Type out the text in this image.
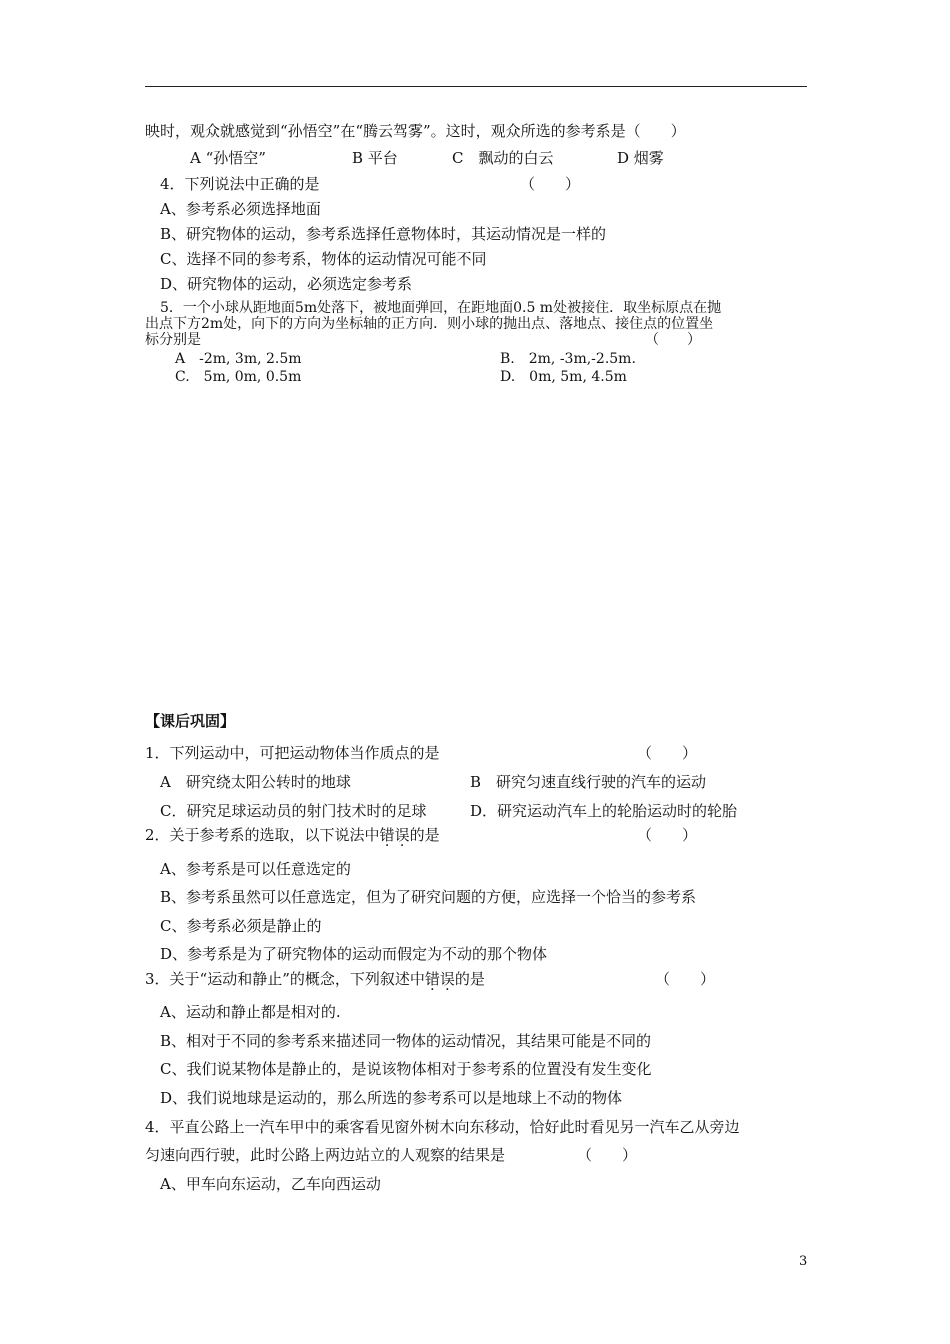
映时，观众就感觉到“孙悟空”在“腾云驾雾”。这时，观众所选的参考系是（　　）
A “孙悟空”	B 平台	C　飘动的白云	D 烟雾
4．下列说法中正确的是	（　　）
A、参考系必须选择地面
B、研究物体的运动，参考系选择任意物体时，其运动情况是一样的
C、选择不同的参考系，物体的运动情况可能不同
D、研究物体的运动，必须选定参考系
5．一个小球从距地面5m处落下，被地面弹回，在距地面0.5 m处被接住．取坐标原点在抛
出点下方2m处，向下的方向为坐标轴的正方向．则小球的抛出点、落地点、接住点的位置坐
标分别是	（　　）
A　-2m, 3m, 2.5m	B.　2m, -3m,-2.5m.
C.　5m, 0m, 0.5m	D.　0m, 5m, 4.5m
【课后巩固】
1．下列运动中，可把运动物体当作质点的是	（　　）
A　研究绕太阳公转时的地球	B　研究匀速直线行驶的汽车的运动
C．研究足球运动员的射门技术时的足球	D．研究运动汽车上的轮胎运动时的轮胎
2．关于参考系的选取，以下说法中错误的是	（　　）
A、参考系是可以任意选定的
B、参考系虽然可以任意选定，但为了研究问题的方便，应选择一个恰当的参考系
C、参考系必须是静止的
D、参考系是为了研究物体的运动而假定为不动的那个物体
3．关于“运动和静止”的概念，下列叙述中错误的是	（　　）
A、运动和静止都是相对的.
B、相对于不同的参考系来描述同一物体的运动情况，其结果可能是不同的
C、我们说某物体是静止的，是说该物体相对于参考系的位置没有发生变化
D、我们说地球是运动的，那么所选的参考系可以是地球上不动的物体
4．平直公路上一汽车甲中的乘客看见窗外树木向东移动，恰好此时看见另一汽车乙从旁边
匀速向西行驶，此时公路上两边站立的人观察的结果是	（　　）
A、甲车向东运动，乙车向西运动
3
